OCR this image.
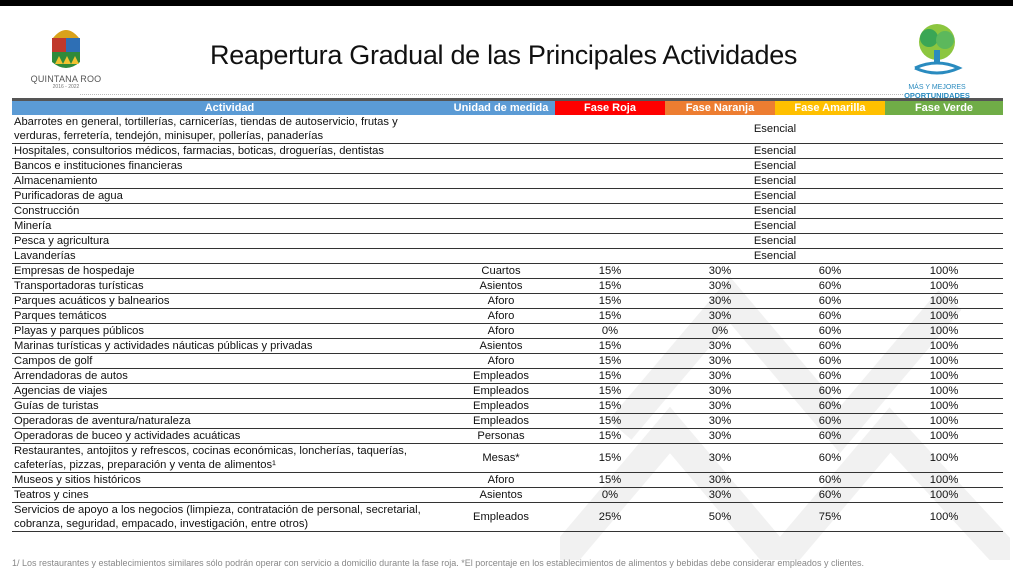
QUINTANA ROO
2016 - 2022
Reapertura Gradual de las Principales Actividades
MÁS Y MEJORES
OPORTUNIDADES
Actividad	Unidad de medida	Fase Roja	Fase Naranja	Fase Amarilla	Fase Verde
Abarrotes en general, tortillerías, carnicerías, tiendas de autoservicio, frutas y verduras, ferretería, tendejón, minisuper, pollerías, panaderías			Esencial		
Hospitales, consultorios médicos, farmacias, boticas, droguerías, dentistas			Esencial		
Bancos e instituciones financieras			Esencial		
Almacenamiento			Esencial		
Purificadoras de agua			Esencial		
Construcción			Esencial		
Minería			Esencial		
Pesca y agricultura			Esencial		
Lavanderías			Esencial		
Empresas de hospedaje	Cuartos	15%	30%	60%	100%
Transportadoras turísticas	Asientos	15%	30%	60%	100%
Parques acuáticos y balnearios	Aforo	15%	30%	60%	100%
Parques temáticos	Aforo	15%	30%	60%	100%
Playas y parques públicos	Aforo	0%	0%	60%	100%
Marinas turísticas y actividades náuticas públicas y privadas	Asientos	15%	30%	60%	100%
Campos de golf	Aforo	15%	30%	60%	100%
Arrendadoras de autos	Empleados	15%	30%	60%	100%
Agencias de viajes	Empleados	15%	30%	60%	100%
Guías de turistas	Empleados	15%	30%	60%	100%
Operadoras de aventura/naturaleza	Empleados	15%	30%	60%	100%
Operadoras de buceo y actividades acuáticas	Personas	15%	30%	60%	100%
Restaurantes, antojitos y refrescos, cocinas económicas, loncherías, taquerías, cafeterías, pizzas, preparación y venta de alimentos¹	Mesas*	15%	30%	60%	100%
Museos y sitios históricos	Aforo	15%	30%	60%	100%
Teatros y cines	Asientos	0%	30%	60%	100%
Servicios de apoyo a los negocios (limpieza, contratación de personal, secretarial, cobranza, seguridad, empacado, investigación, entre otros)	Empleados	25%	50%	75%	100%
1/ Los restaurantes y establecimientos similares sólo podrán operar con servicio a domicilio durante la fase roja. *El porcentaje en los establecimientos de alimentos y bebidas debe considerar empleados y clientes.
